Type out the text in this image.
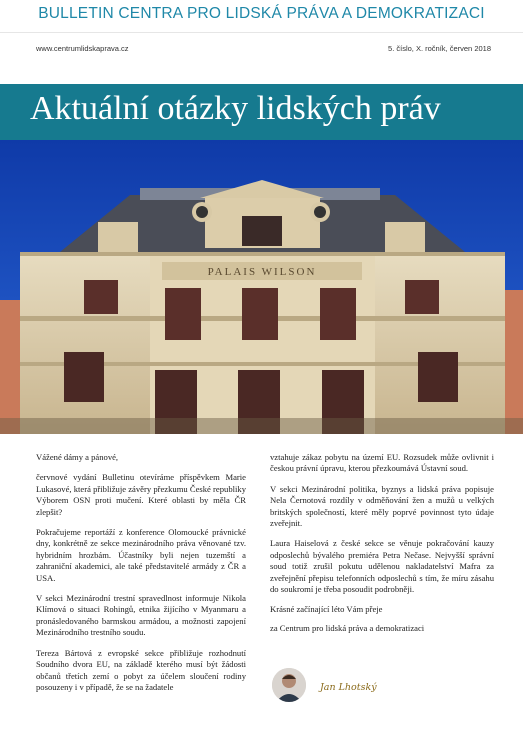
BULLETIN CENTRA PRO LIDSKÁ PRÁVA A DEMOKRATIZACI
www.centrumlidskaprava.cz	5. číslo, X. ročník, červen 2018
Aktuální otázky lidských práv
PALAIS WILSON

Vážené dámy a pánové,

červnové vydání Bulletinu otevíráme příspěvkem Marie Lukasové, která přibližuje závěry přezkumu České republiky Výborem OSN proti mučení. Které oblasti by měla ČR zlepšit?

Pokračujeme reportáží z konference Olomoucké právnické dny, konkrétně ze sekce mezinárodního práva věnované tzv. hybridním hrozbám. Účastníky byli nejen tuzemští a zahraniční akademici, ale také představitelé armády z ČR a USA.

V sekci Mezinárodní trestní spravedlnost informuje Nikola Klímová o situaci Rohingů, etnika žijícího v Myanmaru a pronásledovaného barmskou armádou, a možnosti zapojení Mezinárodního trestního soudu.

Tereza Bártová z evropské sekce přibližuje rozhodnutí Soudního dvora EU, na základě kterého musí být žádosti občanů třetích zemí o pobyt za účelem sloučení rodiny posouzeny i v případě, že se na žadatele

vztahuje zákaz pobytu na území EU. Rozsudek může ovlivnit i českou právní úpravu, kterou přezkoumává Ústavní soud.

V sekci Mezinárodní politika, byznys a lidská práva popisuje Nela Černotová rozdíly v odměňování žen a mužů u velkých britských společností, které měly poprvé povinnost tyto údaje zveřejnit.

Laura Haiselová z české sekce se věnuje pokračování kauzy odposlechů bývalého premiéra Petra Nečase. Nejvyšší správní soud totiž zrušil pokutu udělenou nakladatelství Mafra za zveřejnění přepisu telefonních odposlechů s tím, že míru zásahu do soukromí je třeba posoudit podrobněji.

Krásné začínající léto Vám přeje

za Centrum pro lidská práva a demokratizaci

Jan Lhotský
